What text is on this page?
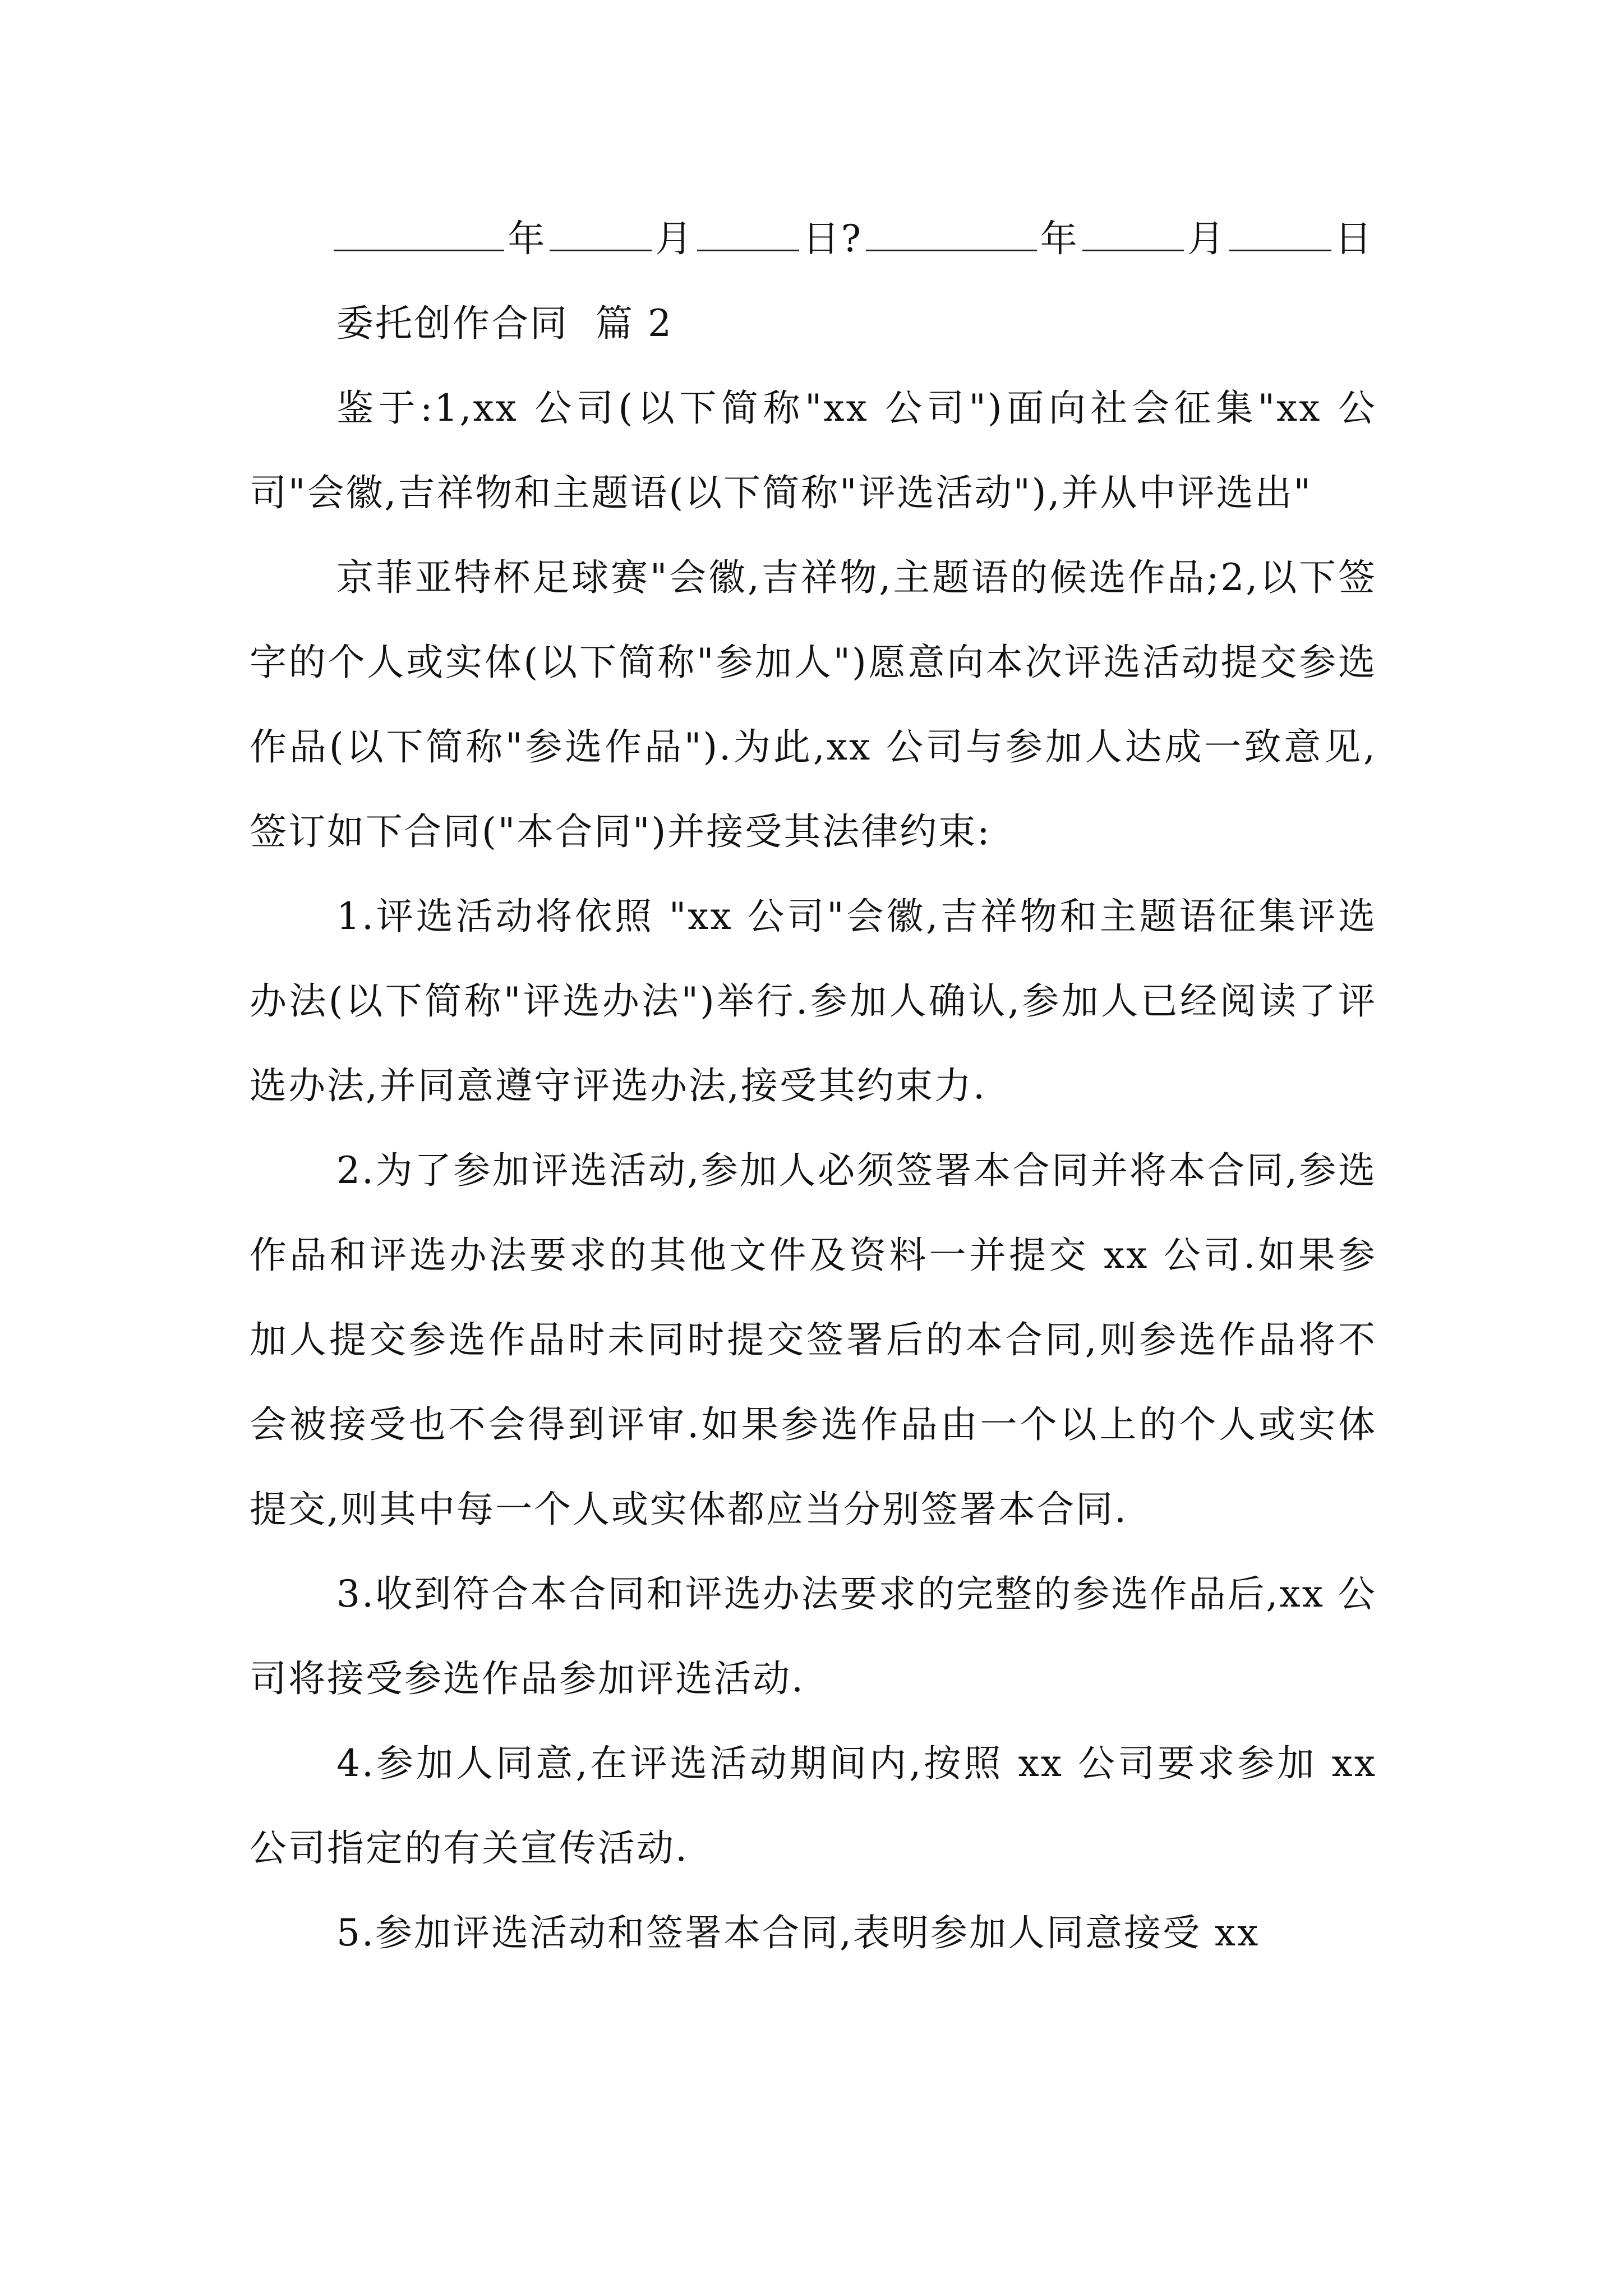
年	月	日?	年	月	日

委托创作合同  篇 2

鉴于:1,xx 公司(以下简称"xx 公司")面向社会征集"xx 公司"会徽,吉祥物和主题语(以下简称"评选活动"),并从中评选出"

京菲亚特杯足球赛"会徽,吉祥物,主题语的候选作品;2,以下签字的个人或实体(以下简称"参加人")愿意向本次评选活动提交参选作品(以下简称"参选作品").为此,xx 公司与参加人达成一致意见,签订如下合同("本合同")并接受其法律约束:

1.评选活动将依照 "xx 公司"会徽,吉祥物和主题语征集评选办法(以下简称"评选办法")举行.参加人确认,参加人已经阅读了评选办法,并同意遵守评选办法,接受其约束力.

2.为了参加评选活动,参加人必须签署本合同并将本合同,参选作品和评选办法要求的其他文件及资料一并提交 xx 公司.如果参加人提交参选作品时未同时提交签署后的本合同,则参选作品将不会被接受也不会得到评审.如果参选作品由一个以上的个人或实体提交,则其中每一个人或实体都应当分别签署本合同.

3.收到符合本合同和评选办法要求的完整的参选作品后,xx 公司将接受参选作品参加评选活动.

4.参加人同意,在评选活动期间内,按照 xx 公司要求参加 xx 公司指定的有关宣传活动.

5.参加评选活动和签署本合同,表明参加人同意接受 xx
